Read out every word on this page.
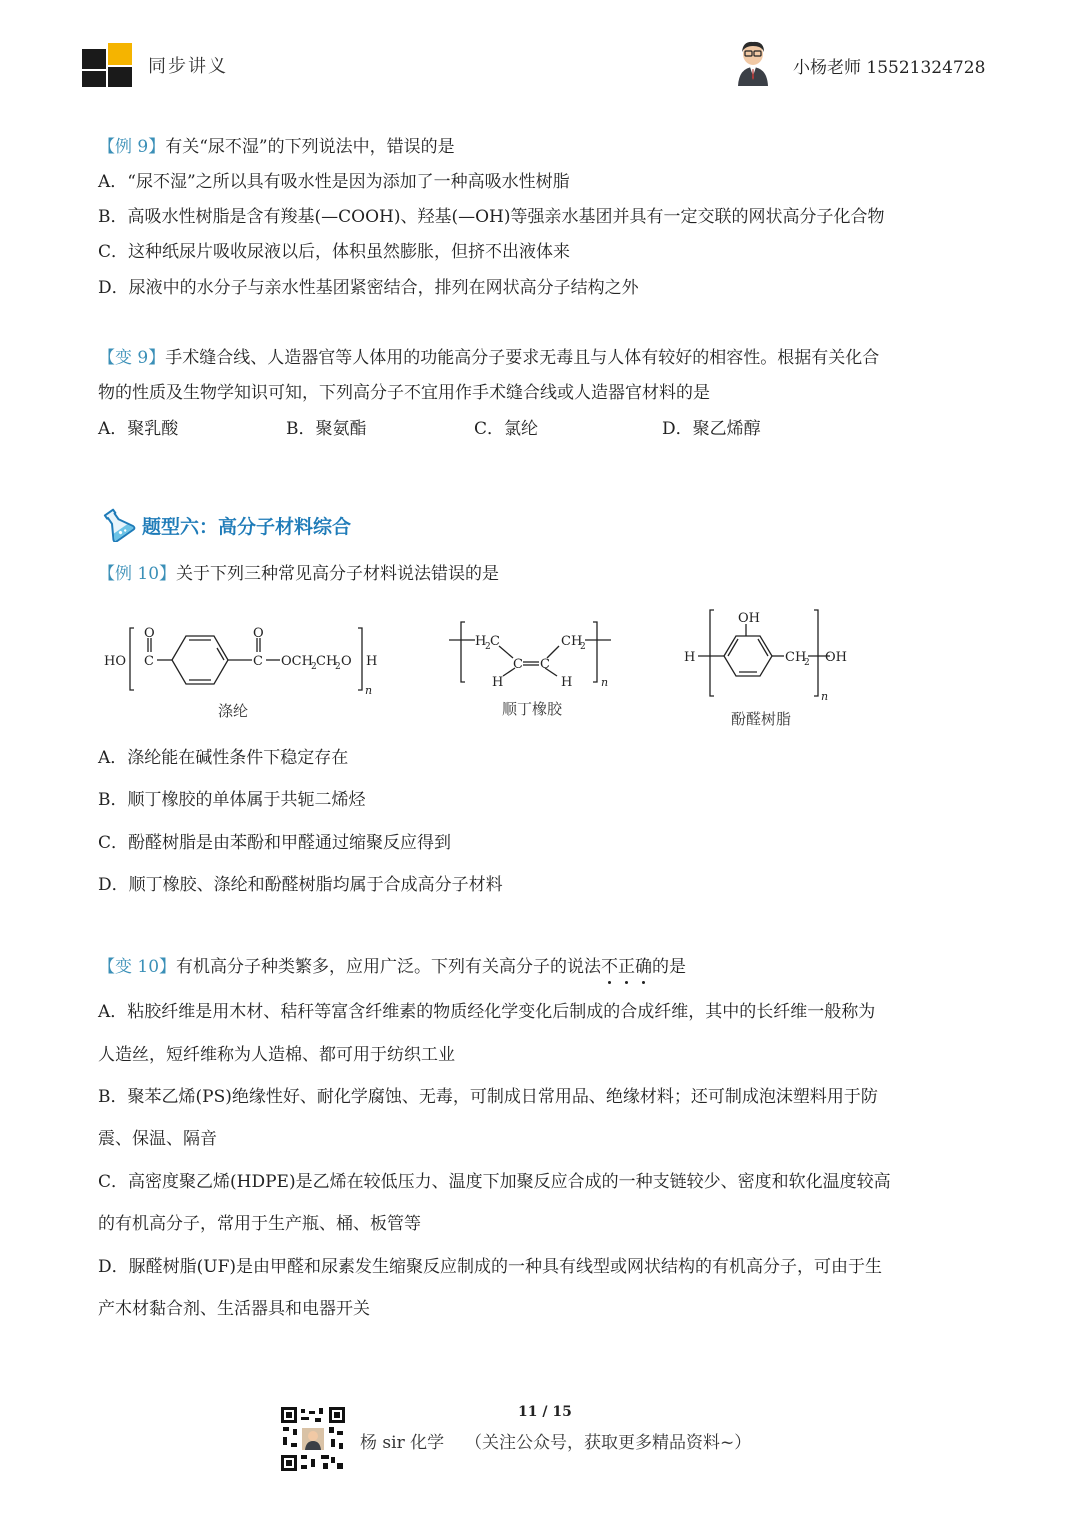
同步讲义	小杨老师 15521324728
【例 9】有关“尿不湿”的下列说法中，错误的是
A．“尿不湿”之所以具有吸水性是因为添加了一种高吸水性树脂
B．高吸水性树脂是含有羧基(—COOH)、羟基(—OH)等强亲水基团并具有一定交联的网状高分子化合物
C．这种纸尿片吸收尿液以后，体积虽然膨胀，但挤不出液体来
D．尿液中的水分子与亲水性基团紧密结合，排列在网状高分子结构之外
【变 9】手术缝合线、人造器官等人体用的功能高分子要求无毒且与人体有较好的相容性。根据有关化合
物的性质及生物学知识可知，下列高分子不宜用作手术缝合线或人造器官材料的是
A．聚乳酸	B．聚氨酯	C．氯纶	D．聚乙烯醇
题型六：高分子材料综合
【例 10】关于下列三种常见高分子材料说法错误的是
HO C
O
C
O
OCH
2 CH
2 O H
n
涤纶
H
2 C	CH
2
C C
H	H	n
顺丁橡胶
OH
H	CH
2 OH
n
酚醛树脂
A．涤纶能在碱性条件下稳定存在
B．顺丁橡胶的单体属于共轭二烯烃
C．酚醛树脂是由苯酚和甲醛通过缩聚反应得到
D．顺丁橡胶、涤纶和酚醛树脂均属于合成高分子材料
【变 10】有机高分子种类繁多，应用广泛。下列有关高分子的说法不正确的是
A．粘胶纤维是用木材、秸秆等富含纤维素的物质经化学变化后制成的合成纤维，其中的长纤维一般称为
人造丝，短纤维称为人造棉、都可用于纺织工业
B．聚苯乙烯(PS)绝缘性好、耐化学腐蚀、无毒，可制成日常用品、绝缘材料；还可制成泡沫塑料用于防
震、保温、隔音
C．高密度聚乙烯(HDPE)是乙烯在较低压力、温度下加聚反应合成的一种支链较少、密度和软化温度较高
的有机高分子，常用于生产瓶、桶、板管等
D．脲醛树脂(UF)是由甲醛和尿素发生缩聚反应制成的一种具有线型或网状结构的有机高分子，可由于生
产木材黏合剂、生活器具和电器开关
11 / 15
杨 sir 化学 （关注公众号，获取更多精品资料~）
